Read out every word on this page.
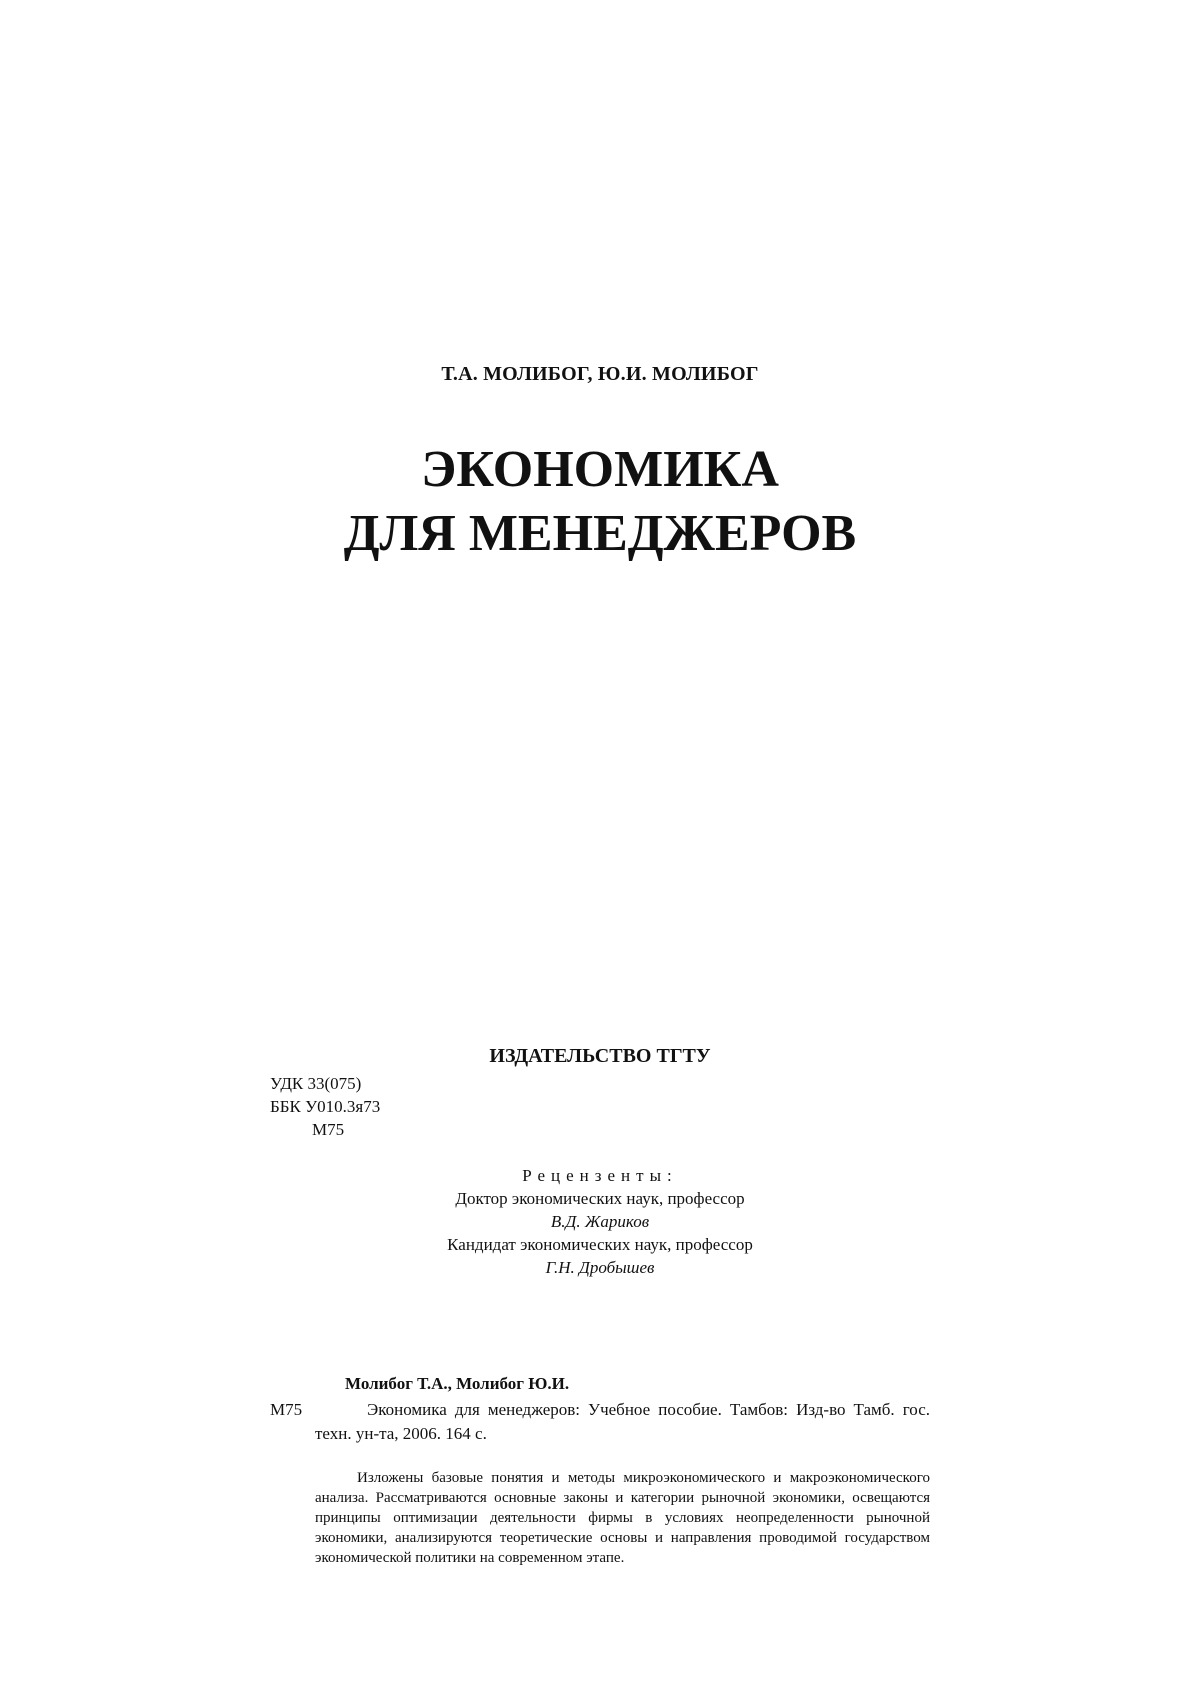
Т.А. МОЛИБОГ, Ю.И. МОЛИБОГ
ЭКОНОМИКА
ДЛЯ МЕНЕДЖЕРОВ
ИЗДАТЕЛЬСТВО ТГТУ
УДК 33(075)
ББК У010.3я73
М75
Рецензенты:
Доктор экономических наук, профессор
В.Д. Жариков
Кандидат экономических наук, профессор
Г.Н. Дробышев
Молибог Т.А., Молибог Ю.И.
М75	Экономика для менеджеров: Учебное пособие. Тамбов: Изд-во Тамб. гос. техн. ун-та, 2006. 164 с.
Изложены базовые понятия и методы микроэкономического и макроэкономического анализа. Рассматриваются основные законы и категории рыночной экономики, освещаются принципы оптимизации деятельности фирмы в условиях неопределенности рыночной экономики, анализируются теоретические основы и направления проводимой государством экономической политики на современном этапе.
